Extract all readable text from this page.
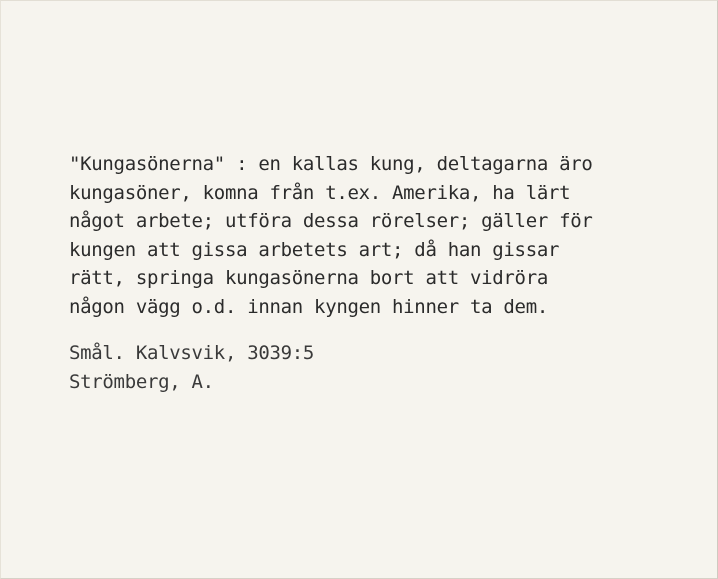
"Kungasönerna" : en kallas kung, deltagarna äro
kungasöner, komna från t.ex. Amerika, ha lärt
något arbete; utföra dessa rörelser; gäller för
kungen att gissa arbetets art; då han gissar
rätt, springa kungasönerna bort att vidröra
någon vägg o.d. innan kyngen hinner ta dem.
Smål. Kalvsvik, 3039:5
Strömberg, A.
